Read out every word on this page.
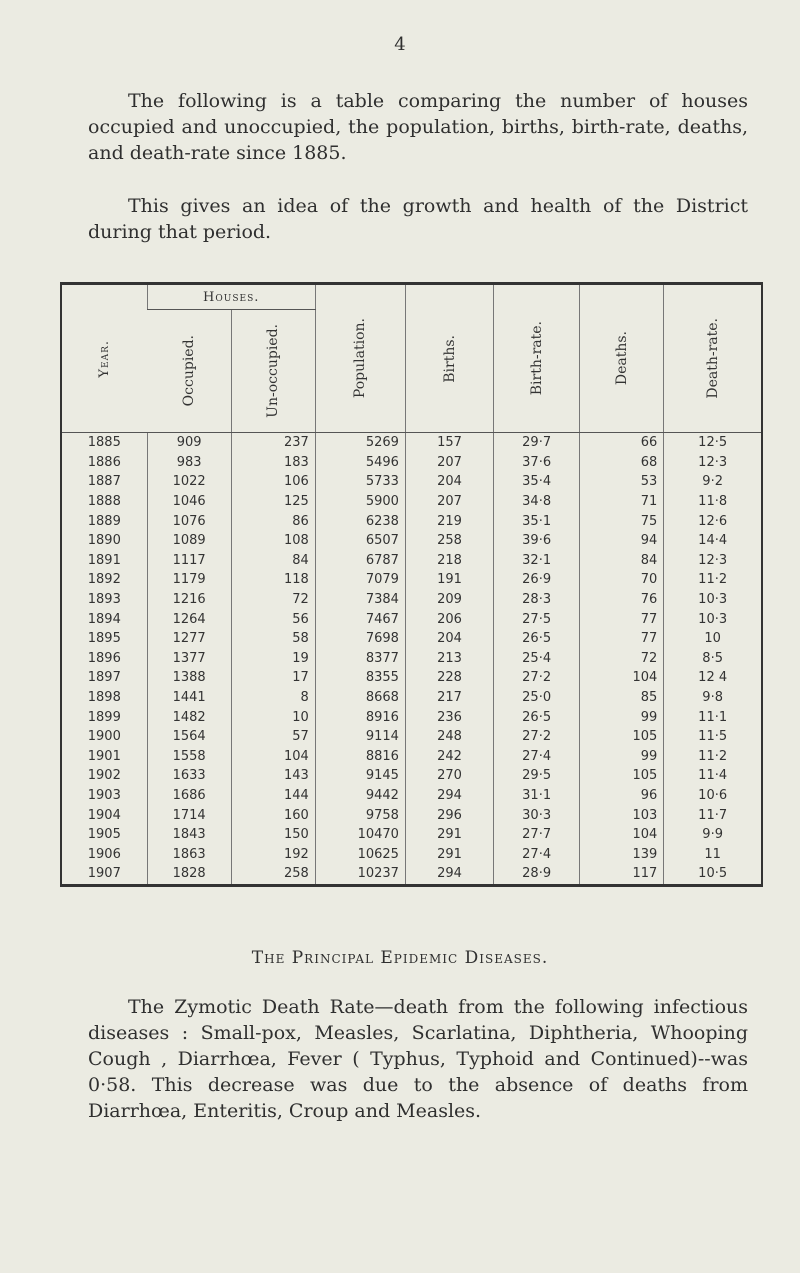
4

The following is a table comparing the number of houses occupied and unoccupied, the population, births, birth-rate, deaths, and death-rate since 1885.

This gives an idea of the growth and health of the District during that period.

Year.	Houses.		Population.	Births.	Birth-rate.	Deaths.	Death-rate.

	Occupied.	Un-occupied.					

1885	909	237	5269	157	29·7	66	12·5
1886	983	183	5496	207	37·6	68	12·3
1887	1022	106	5733	204	35·4	53	9·2
1888	1046	125	5900	207	34·8	71	11·8
1889	1076	86	6238	219	35·1	75	12·6
1890	1089	108	6507	258	39·6	94	14·4
1891	1117	84	6787	218	32·1	84	12·3
1892	1179	118	7079	191	26·9	70	11·2
1893	1216	72	7384	209	28·3	76	10·3
1894	1264	56	7467	206	27·5	77	10·3
1895	1277	58	7698	204	26·5	77	10
1896	1377	19	8377	213	25·4	72	8·5
1897	1388	17	8355	228	27·2	104	12 4
1898	1441	8	8668	217	25·0	85	9·8
1899	1482	10	8916	236	26·5	99	11·1
1900	1564	57	9114	248	27·2	105	11·5
1901	1558	104	8816	242	27·4	99	11·2
1902	1633	143	9145	270	29·5	105	11·4
1903	1686	144	9442	294	31·1	96	10·6
1904	1714	160	9758	296	30·3	103	11·7
1905	1843	150	10470	291	27·7	104	9·9
1906	1863	192	10625	291	27·4	139	11
1907	1828	258	10237	294	28·9	117	10·5
The Principal Epidemic Diseases.

The Zymotic Death Rate—death from the following infectious diseases : Small-pox, Measles, Scarlatina, Diphtheria, Whooping Cough , Diarrhœa, Fever ( Typhus, Typhoid and Continued)--was 0·58. This decrease was due to the absence of deaths from Diarrhœa, Enteritis, Croup and Measles.
